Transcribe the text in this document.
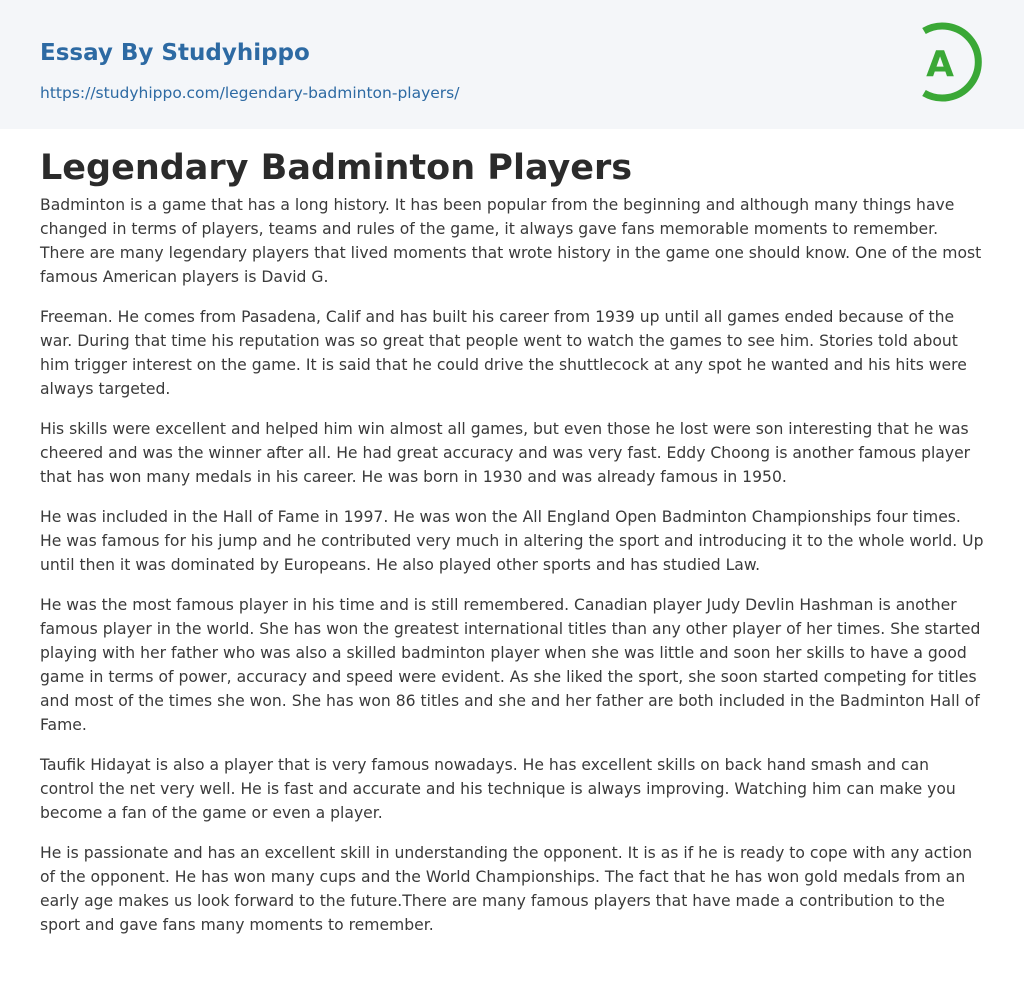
Essay By Studyhippo
https://studyhippo.com/legendary-badminton-players/
A
Legendary Badminton Players

Badminton is a game that has a long history. It has been popular from the beginning and although many things have changed in terms of players, teams and rules of the game, it always gave fans memorable moments to remember. There are many legendary players that lived moments that wrote history in the game one should know. One of the most famous American players is David G.

Freeman. He comes from Pasadena, Calif and has built his career from 1939 up until all games ended because of the war. During that time his reputation was so great that people went to watch the games to see him. Stories told about him trigger interest on the game. It is said that he could drive the shuttlecock at any spot he wanted and his hits were always targeted.

His skills were excellent and helped him win almost all games, but even those he lost were son interesting that he was cheered and was the winner after all. He had great accuracy and was very fast. Eddy Choong is another famous player that has won many medals in his career. He was born in 1930 and was already famous in 1950.

He was included in the Hall of Fame in 1997. He was won the All England Open Badminton Championships four times. He was famous for his jump and he contributed very much in altering the sport and introducing it to the whole world. Up until then it was dominated by Europeans. He also played other sports and has studied Law.

He was the most famous player in his time and is still remembered. Canadian player Judy Devlin Hashman is another famous player in the world. She has won the greatest international titles than any other player of her times. She started playing with her father who was also a skilled badminton player when she was little and soon her skills to have a good game in terms of power, accuracy and speed were evident. As she liked the sport, she soon started competing for titles and most of the times she won. She has won 86 titles and she and her father are both included in the Badminton Hall of Fame.

Taufik Hidayat is also a player that is very famous nowadays. He has excellent skills on back hand smash and can control the net very well. He is fast and accurate and his technique is always improving. Watching him can make you become a fan of the game or even a player.

He is passionate and has an excellent skill in understanding the opponent. It is as if he is ready to cope with any action of the opponent. He has won many cups and the World Championships. The fact that he has won gold medals from an early age makes us look forward to the future.There are many famous players that have made a contribution to the sport and gave fans many moments to remember.
